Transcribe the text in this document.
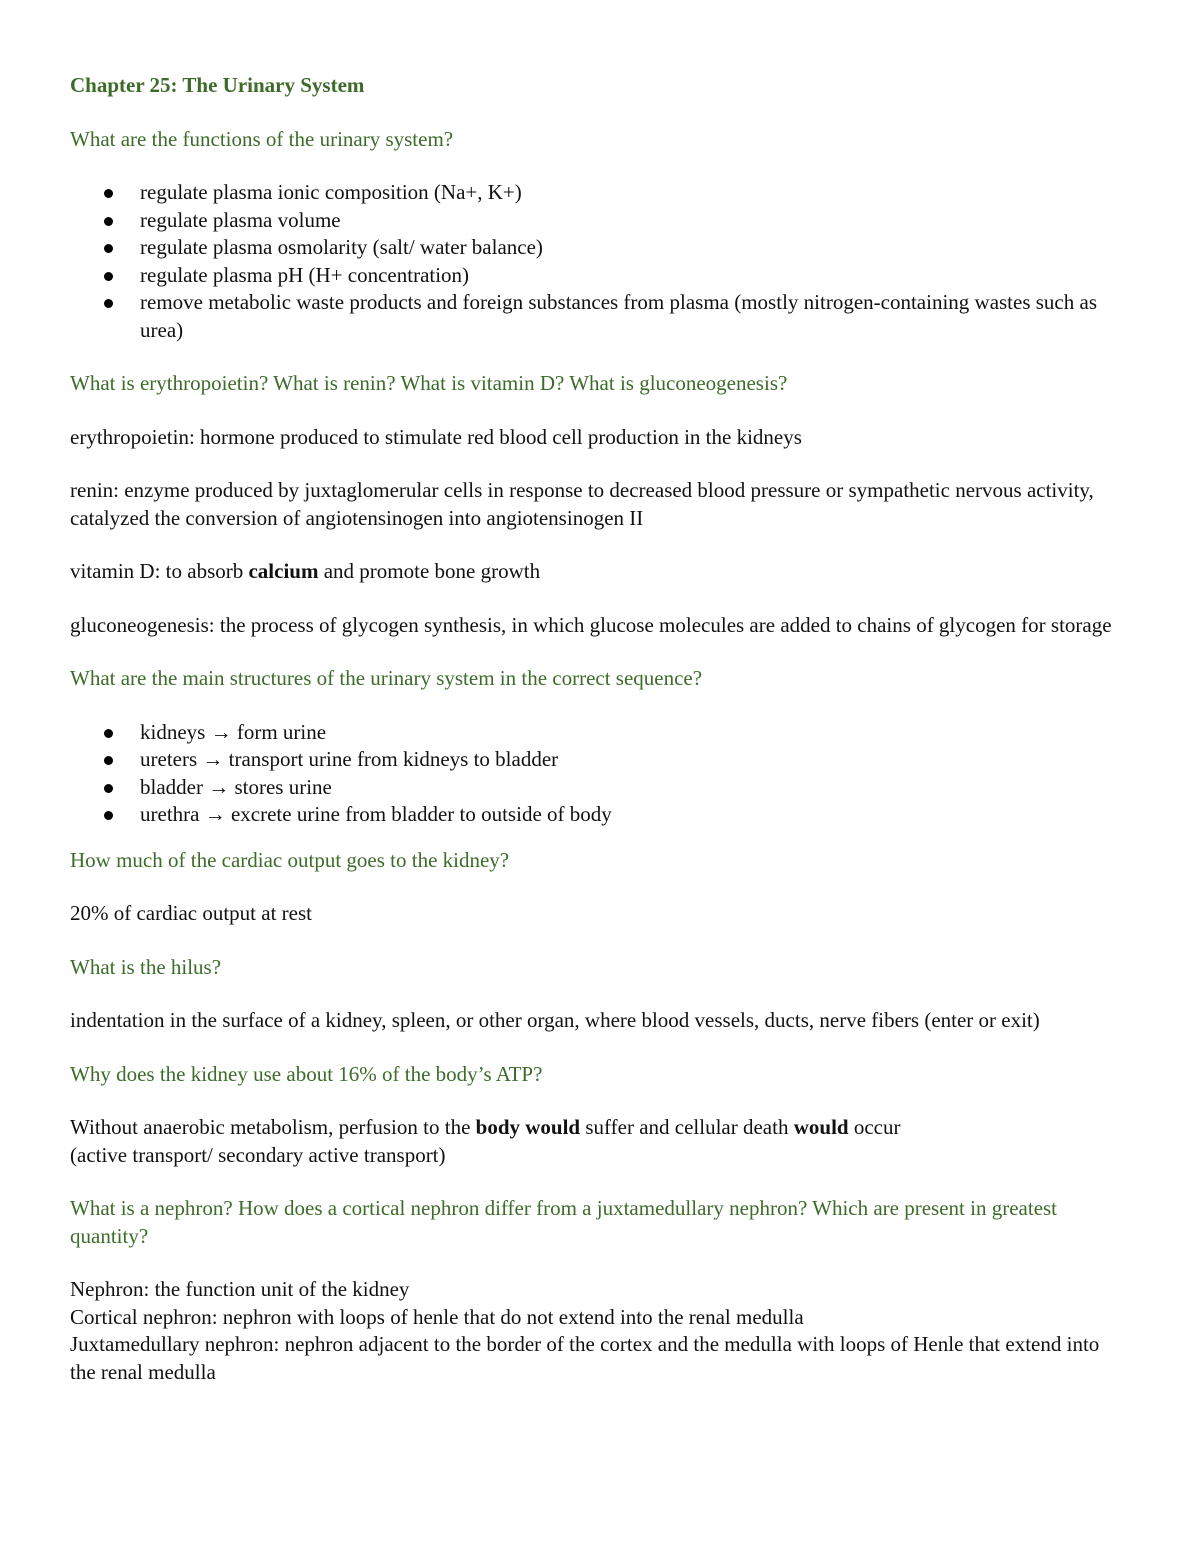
Chapter 25: The Urinary System
What are the functions of the urinary system?
regulate plasma ionic composition (Na+, K+)
regulate plasma volume
regulate plasma osmolarity (salt/ water balance)
regulate plasma pH (H+ concentration)
remove metabolic waste products and foreign substances from plasma (mostly nitrogen-containing wastes such as urea)
What is erythropoietin? What is renin? What is vitamin D? What is gluconeogenesis?
erythropoietin: hormone produced to stimulate red blood cell production in the kidneys
renin: enzyme produced by juxtaglomerular cells in response to decreased blood pressure or sympathetic nervous activity, catalyzed the conversion of angiotensinogen into angiotensinogen II
vitamin D: to absorb calcium and promote bone growth
gluconeogenesis: the process of glycogen synthesis, in which glucose molecules are added to chains of glycogen for storage
What are the main structures of the urinary system in the correct sequence?
kidneys → form urine
ureters → transport urine from kidneys to bladder
bladder → stores urine
urethra → excrete urine from bladder to outside of body
How much of the cardiac output goes to the kidney?
20% of cardiac output at rest
What is the hilus?
indentation in the surface of a kidney, spleen, or other organ, where blood vessels, ducts, nerve fibers (enter or exit)
Why does the kidney use about 16% of the body’s ATP?
Without anaerobic metabolism, perfusion to the body would suffer and cellular death would occur
(active transport/ secondary active transport)
What is a nephron? How does a cortical nephron differ from a juxtamedullary nephron? Which are present in greatest quantity?
Nephron: the function unit of the kidney
Cortical nephron: nephron with loops of henle that do not extend into the renal medulla
Juxtamedullary nephron: nephron adjacent to the border of the cortex and the medulla with loops of Henle that extend into the renal medulla
